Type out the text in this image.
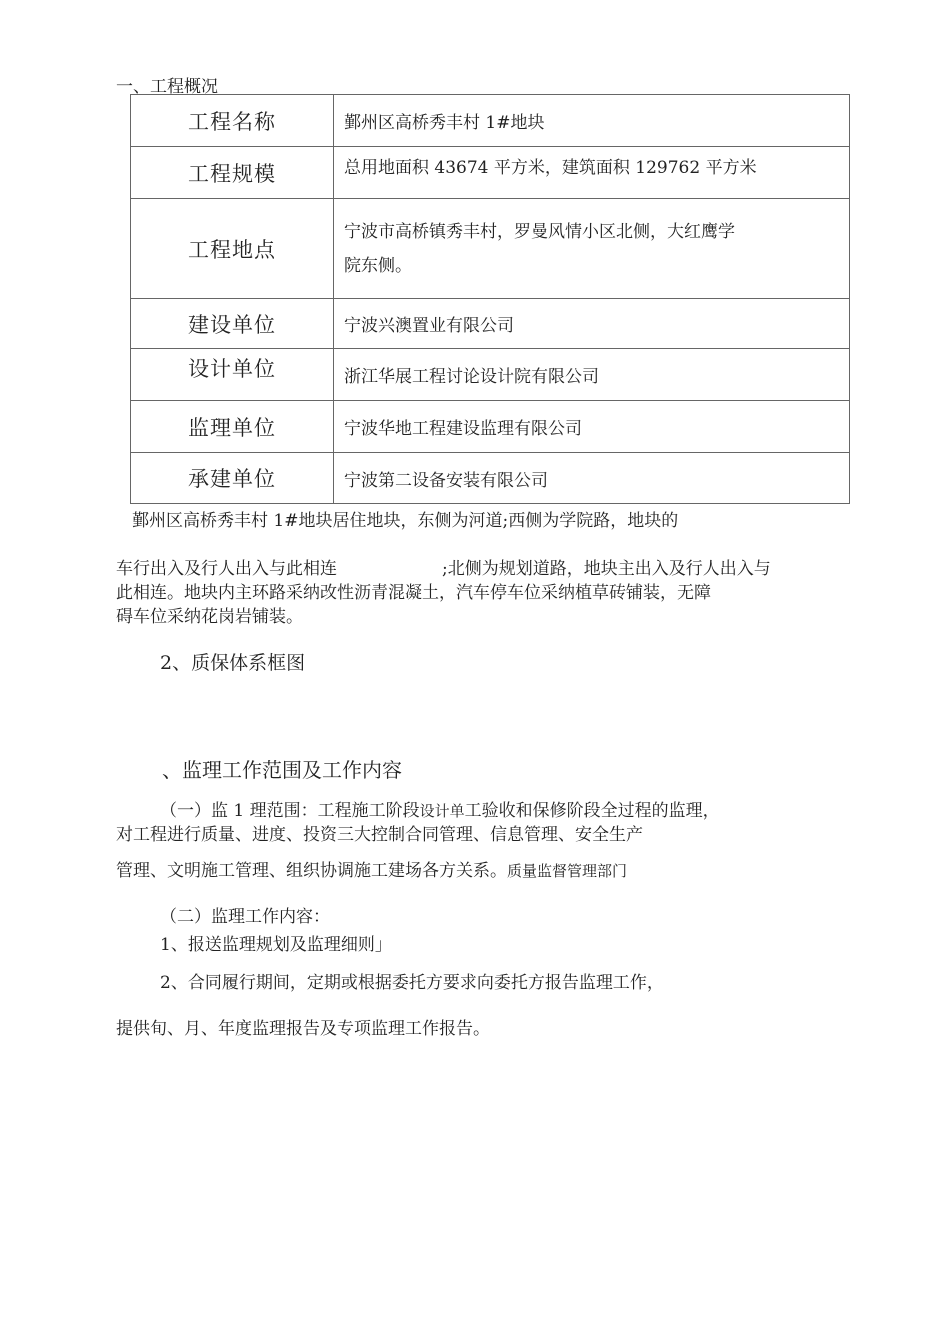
一、工程概况
工程名称	鄞州区高桥秀丰村 1#地块
工程规模	总用地面积 43674 平方米，建筑面积 129762 平方米
工程地点	宁波市高桥镇秀丰村，罗曼风情小区北侧，大红鹰学
院东侧。

建设单位	宁波兴澳置业有限公司
设计单位	浙江华展工程讨论设计院有限公司
监理单位	宁波华地工程建设监理有限公司
承建单位	宁波第二设备安装有限公司
鄞州区高桥秀丰村 1#地块居住地块，东侧为河道;西侧为学院路，地块的
车行出入及行人出入与此相连	;北侧为规划道路，地块主出入及行人出入与
此相连。地块内主环路采纳改性沥青混凝土，汽车停车位采纳植草砖铺装，无障
碍车位采纳花岗岩铺装。
2、质保体系框图
、监理工作范围及工作内容
（一）监 1 理范围：工程施工阶段设计单工验收和保修阶段全过程的监理，
对工程进行质量、进度、投资三大控制合同管理、信息管理、安全生产
管理、文明施工管理、组织协调施工建场各方关系。质量监督管理部门
（二）监理工作内容：
1、报送监理规划及监理细则」
2、合同履行期间，定期或根据委托方要求向委托方报告监理工作，
提供旬、月、年度监理报告及专项监理工作报告。
